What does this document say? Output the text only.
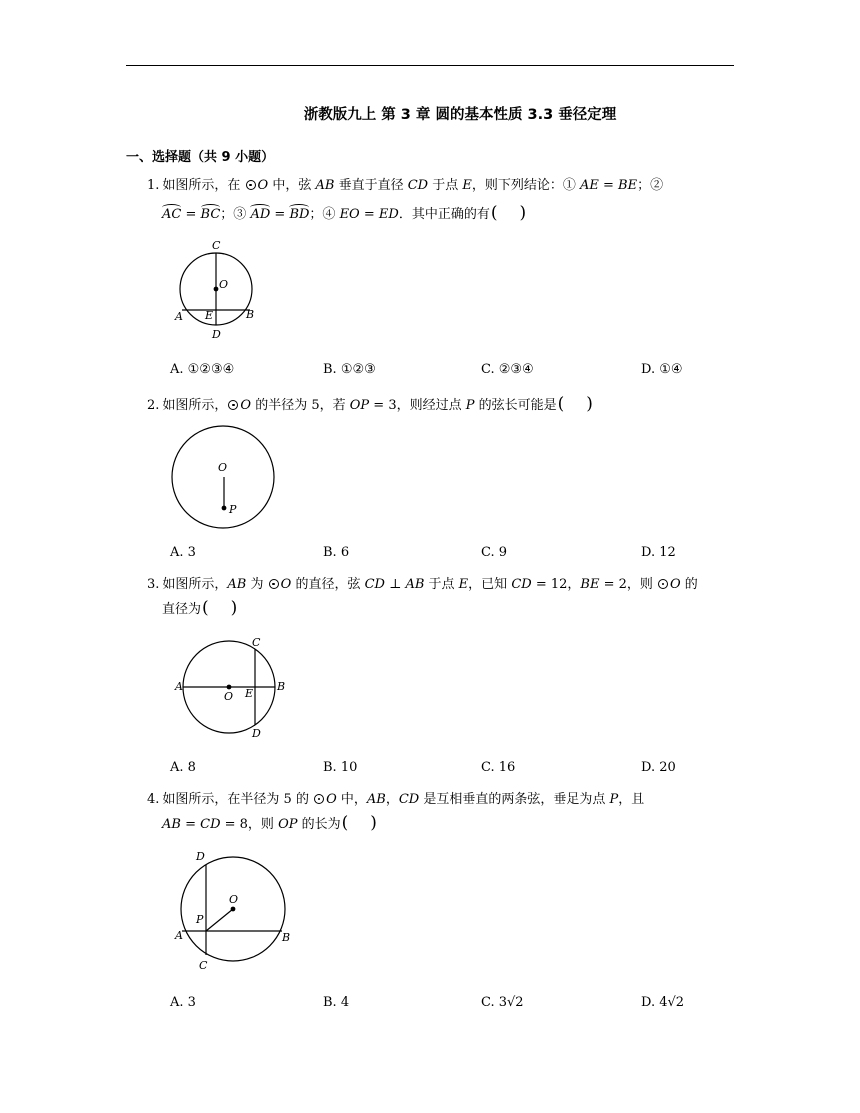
浙教版九上 第 3 章 圆的基本性质 3.3 垂径定理
一、选择题（共 9 小题）
1. 如图所示，在 O 中，弦 AB 垂直于直径 CD 于点 E，则下列结论：① AE = BE；②
AC = BC；③ AD = BD；④ EO = ED．其中正确的有( )
C
O
A E	B
D
A. ①②③④	B. ①②③	C. ②③④	D. ①④
2. 如图所示， O 的半径为 5，若 OP = 3，则经过点 P 的弦长可能是( )
O
P
A. 3	B. 6	C. 9	D. 12
3. 如图所示，AB 为 O 的直径，弦 CD ⊥ AB 于点 E，已知 CD = 12，BE = 2，则 O 的
直径为( )
C
A
O E
B
D
A. 8	B. 10	C. 16	D. 20
4. 如图所示，在半径为 5 的 O 中，AB，CD 是互相垂直的两条弦，垂足为点 P，且
AB = CD = 8，则 OP 的长为( )
D
O
P
A	B
C
A. 3	B. 4	C. 3√2	D. 4√2
